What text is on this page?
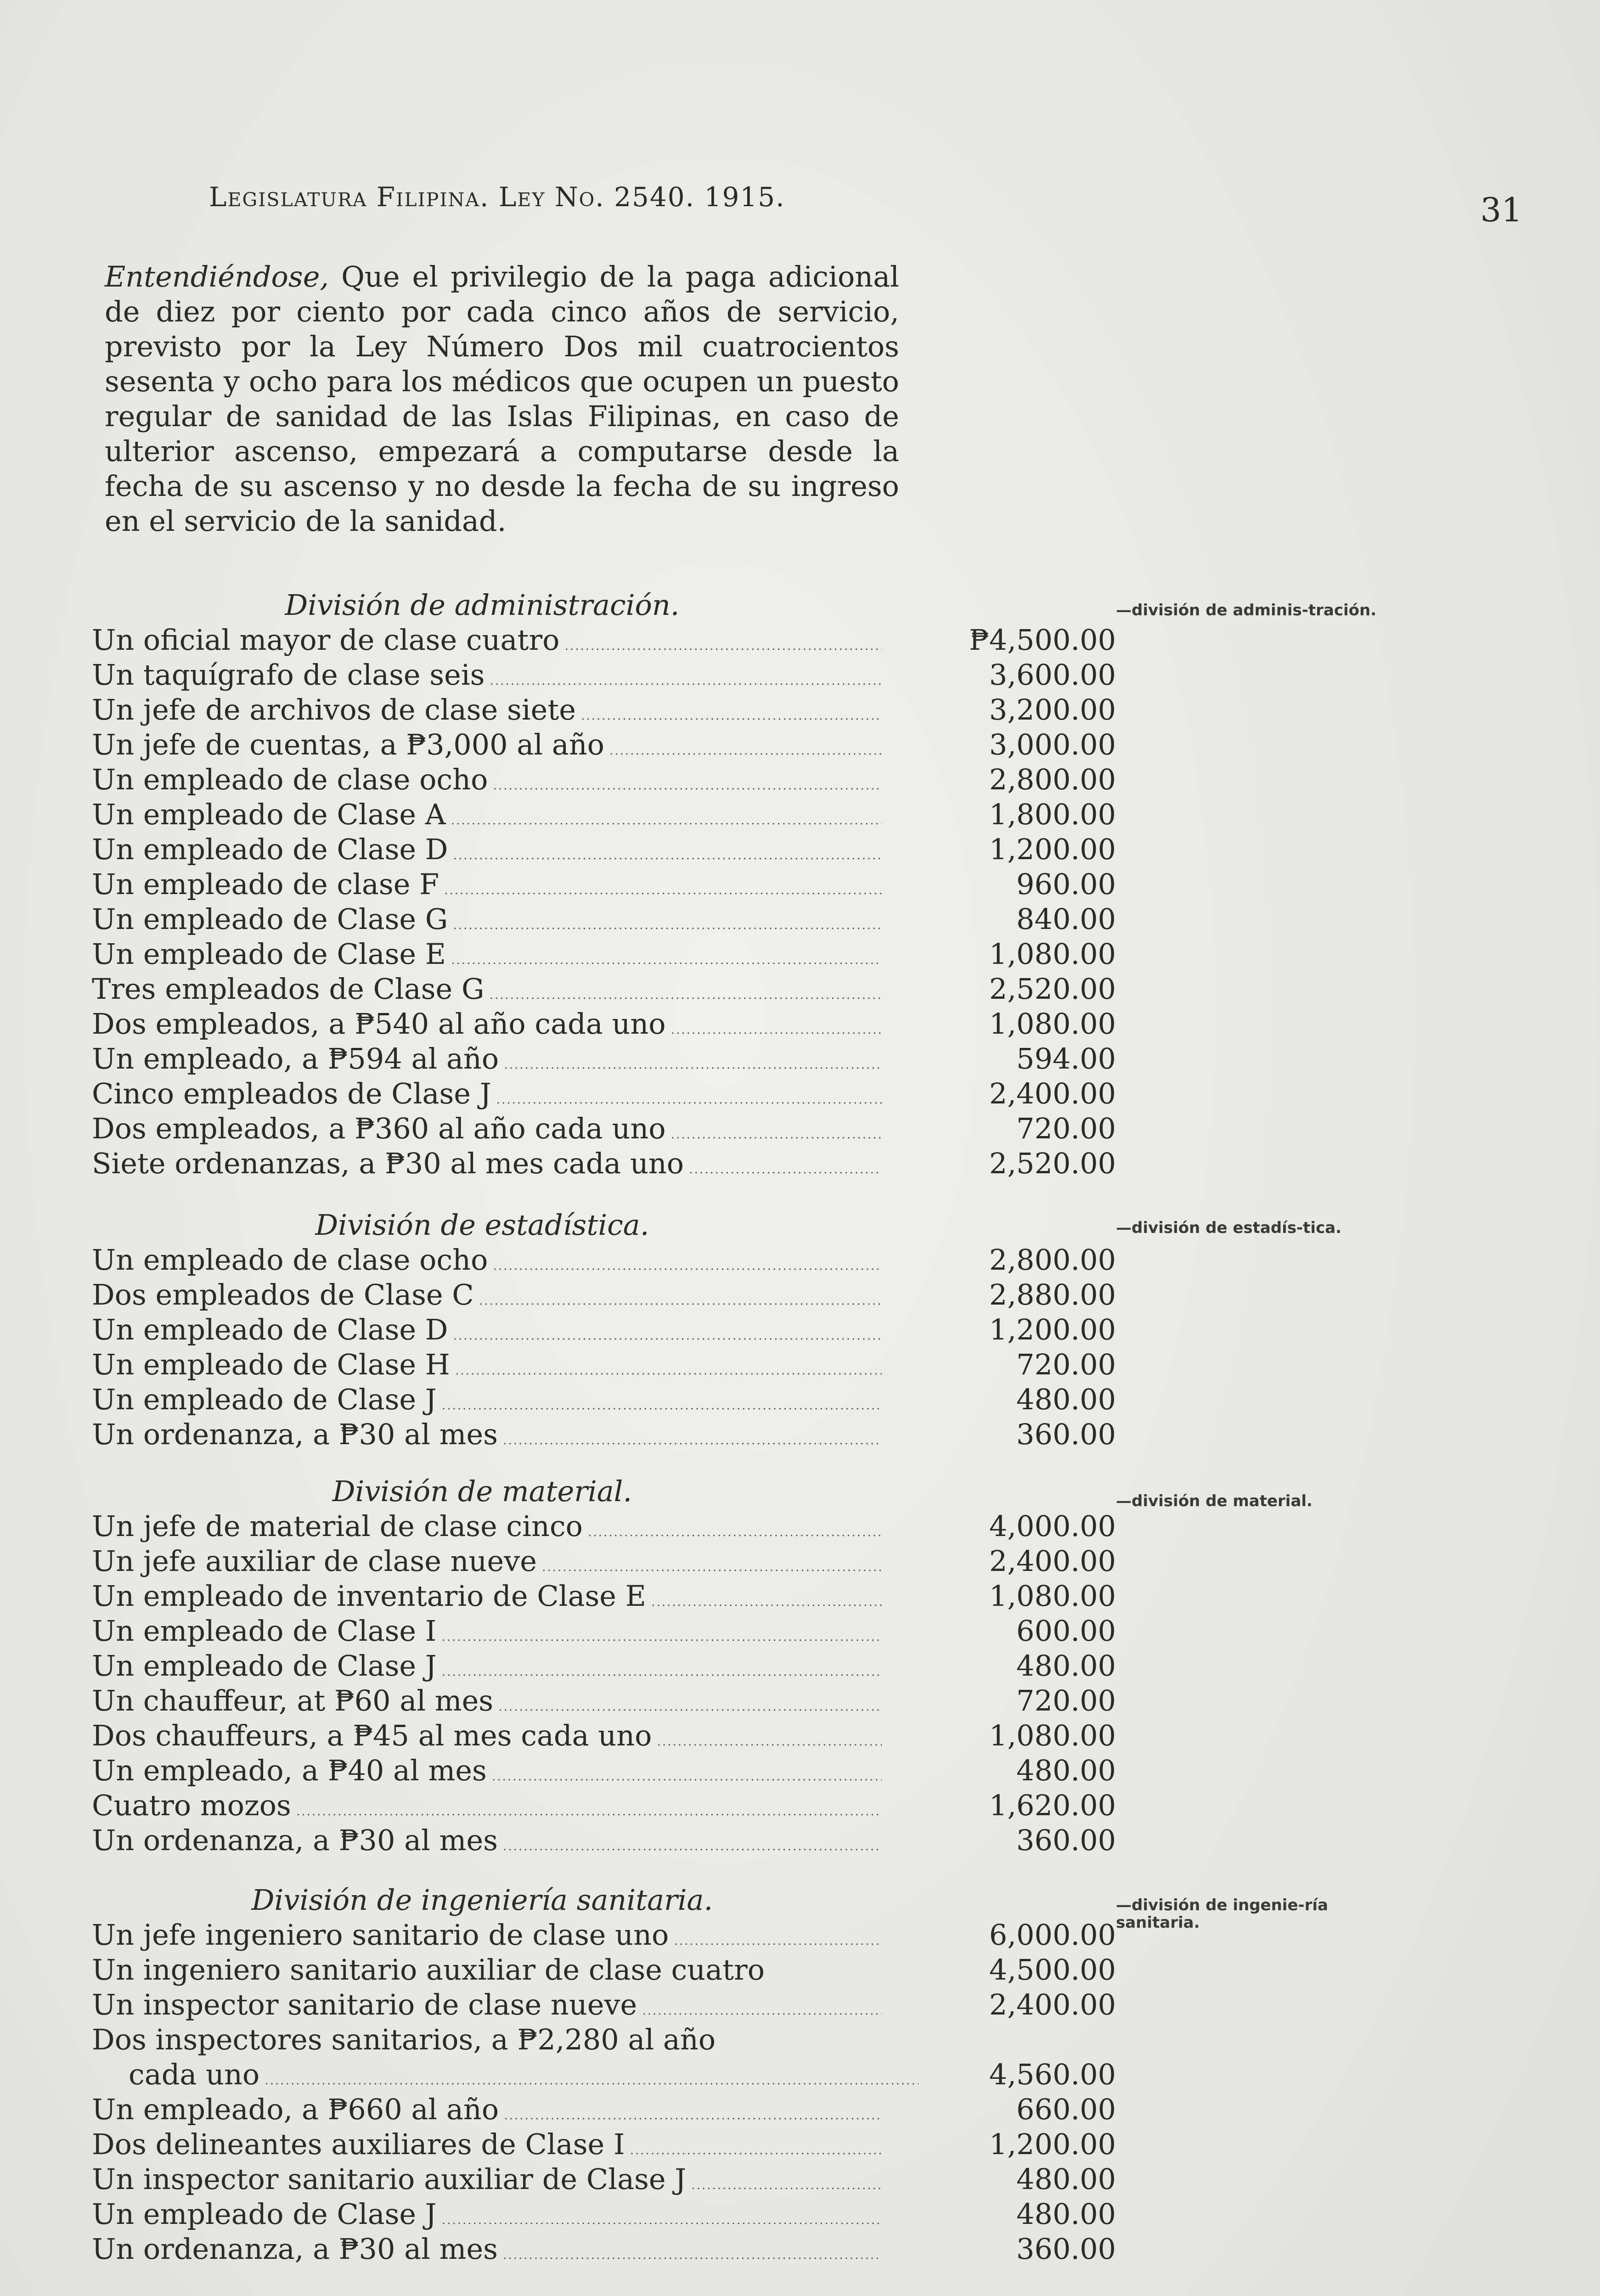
Legislatura Filipina. Ley No. 2540. 1915.	31
Entendiéndose, Que el privilegio de la paga adicional de diez por ciento por cada cinco años de servicio, previsto por la Ley Número Dos mil cuatrocientos sesenta y ocho para los médicos que ocupen un puesto regular de sanidad de las Islas Filipinas, en caso de ulterior ascenso, empezará a computarse desde la fecha de su ascenso y no desde la fecha de su ingreso en el servicio de la sanidad.
División de administración.
Un oficial mayor de clase cuatro .....	₱4,500.00
Un taquígrafo de clase seis .....	3,600.00
Un jefe de archivos de clase siete .....	3,200.00
Un jefe de cuentas, a ₱3,000 al año .....	3,000.00
Un empleado de clase ocho .....	2,800.00
Un empleado de Clase A .....	1,800.00
Un empleado de Clase D .....	1,200.00
Un empleado de clase F .....	960.00
Un empleado de Clase G .....	840.00
Un empleado de Clase E .....	1,080.00
Tres empleados de Clase G .....	2,520.00
Dos empleados, a ₱540 al año cada uno .....	1,080.00
Un empleado, a ₱594 al año .....	594.00
Cinco empleados de Clase J .....	2,400.00
Dos empleados, a ₱360 al año cada uno .....	720.00
Siete ordenanzas, a ₱30 al mes cada uno .....	2,520.00
—división de adminis-tración.
División de estadística.
Un empleado de clase ocho .....	2,800.00
Dos empleados de Clase C .....	2,880.00
Un empleado de Clase D .....	1,200.00
Un empleado de Clase H .....	720.00
Un empleado de Clase J .....	480.00
Un ordenanza, a ₱30 al mes .....	360.00
—división de estadís-tica.
División de material.
Un jefe de material de clase cinco .....	4,000.00
Un jefe auxiliar de clase nueve .....	2,400.00
Un empleado de inventario de Clase E .....	1,080.00
Un empleado de Clase I .....	600.00
Un empleado de Clase J .....	480.00
Un chauffeur, at ₱60 al mes .....	720.00
Dos chauffeurs, a ₱45 al mes cada uno .....	1,080.00
Un empleado, a ₱40 al mes .....	480.00
Cuatro mozos .....	1,620.00
Un ordenanza, a ₱30 al mes .....	360.00
—división de material.
División de ingeniería sanitaria.
Un jefe ingeniero sanitario de clase uno .....	6,000.00
Un ingeniero sanitario auxiliar de clase cuatro	4,500.00
Un inspector sanitario de clase nueve .....	2,400.00
Dos inspectores sanitarios, a ₱2,280 al año
cada uno .....	4,560.00
Un empleado, a ₱660 al año .....	660.00
Dos delineantes auxiliares de Clase I .....	1,200.00
Un inspector sanitario auxiliar de Clase J .....	480.00
Un empleado de Clase J .....	480.00
Un ordenanza, a ₱30 al mes .....	360.00
—división de ingenie-ría sanitaria.
